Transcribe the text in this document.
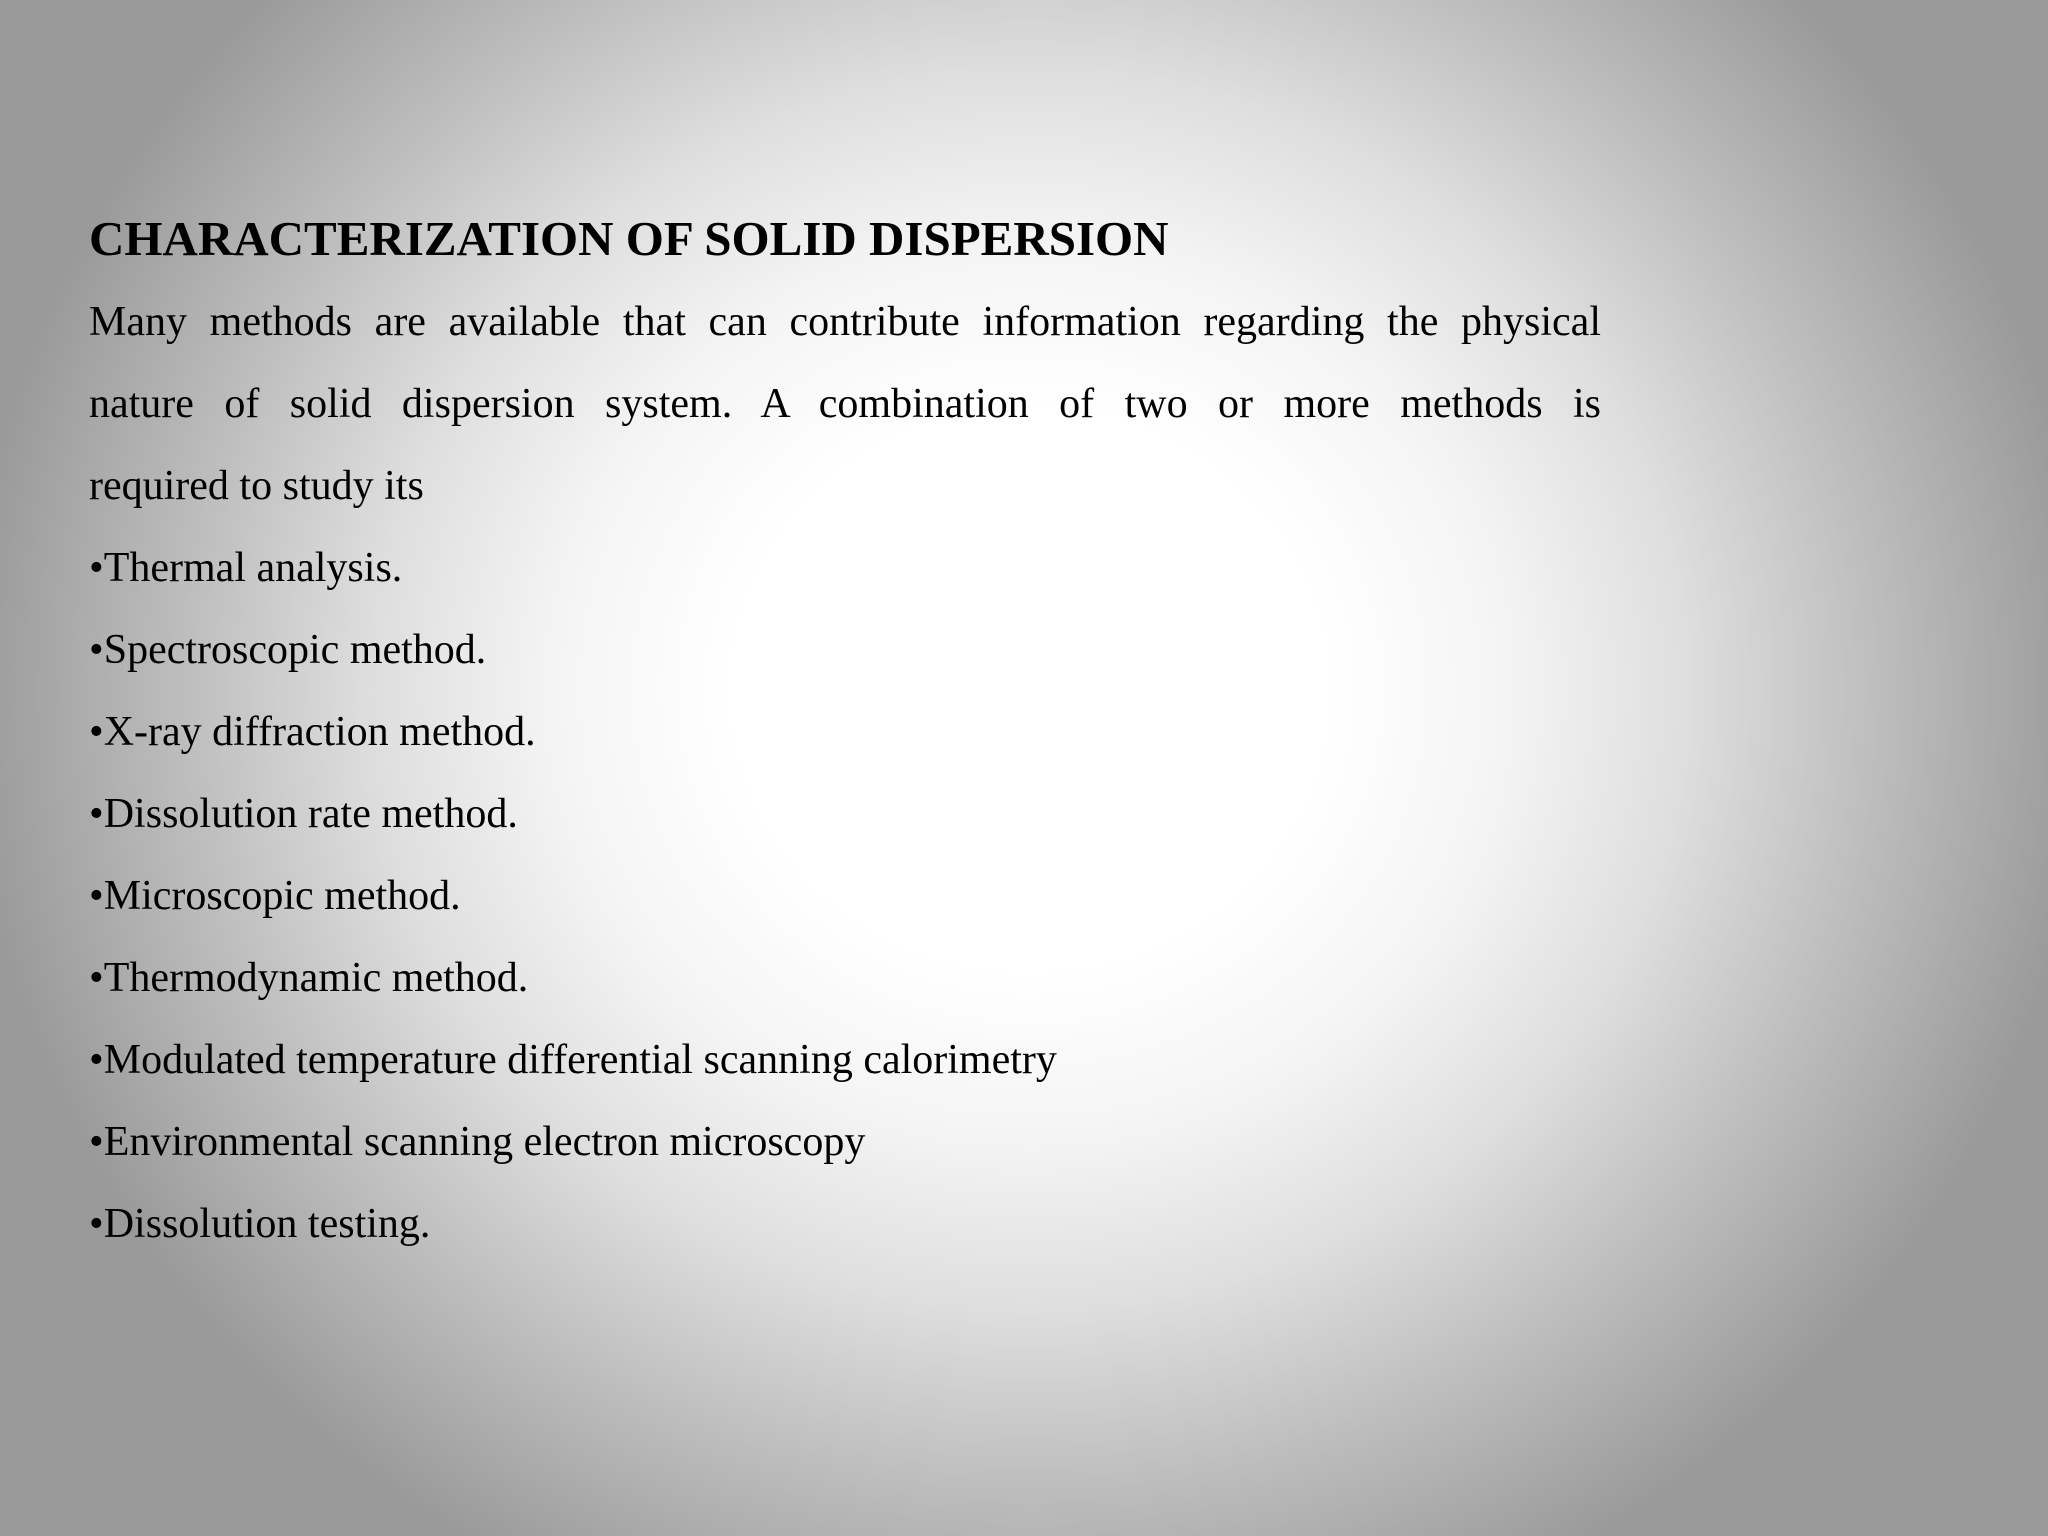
CHARACTERIZATION OF SOLID DISPERSION
Many methods are available that can contribute information regarding the physical
nature of solid dispersion system. A combination of two or more methods is
required to study its
•Thermal analysis.
•Spectroscopic method.
•X-ray diffraction method.
•Dissolution rate method.
•Microscopic method.
•Thermodynamic method.
•Modulated temperature differential scanning calorimetry
•Environmental scanning electron microscopy
•Dissolution testing.
